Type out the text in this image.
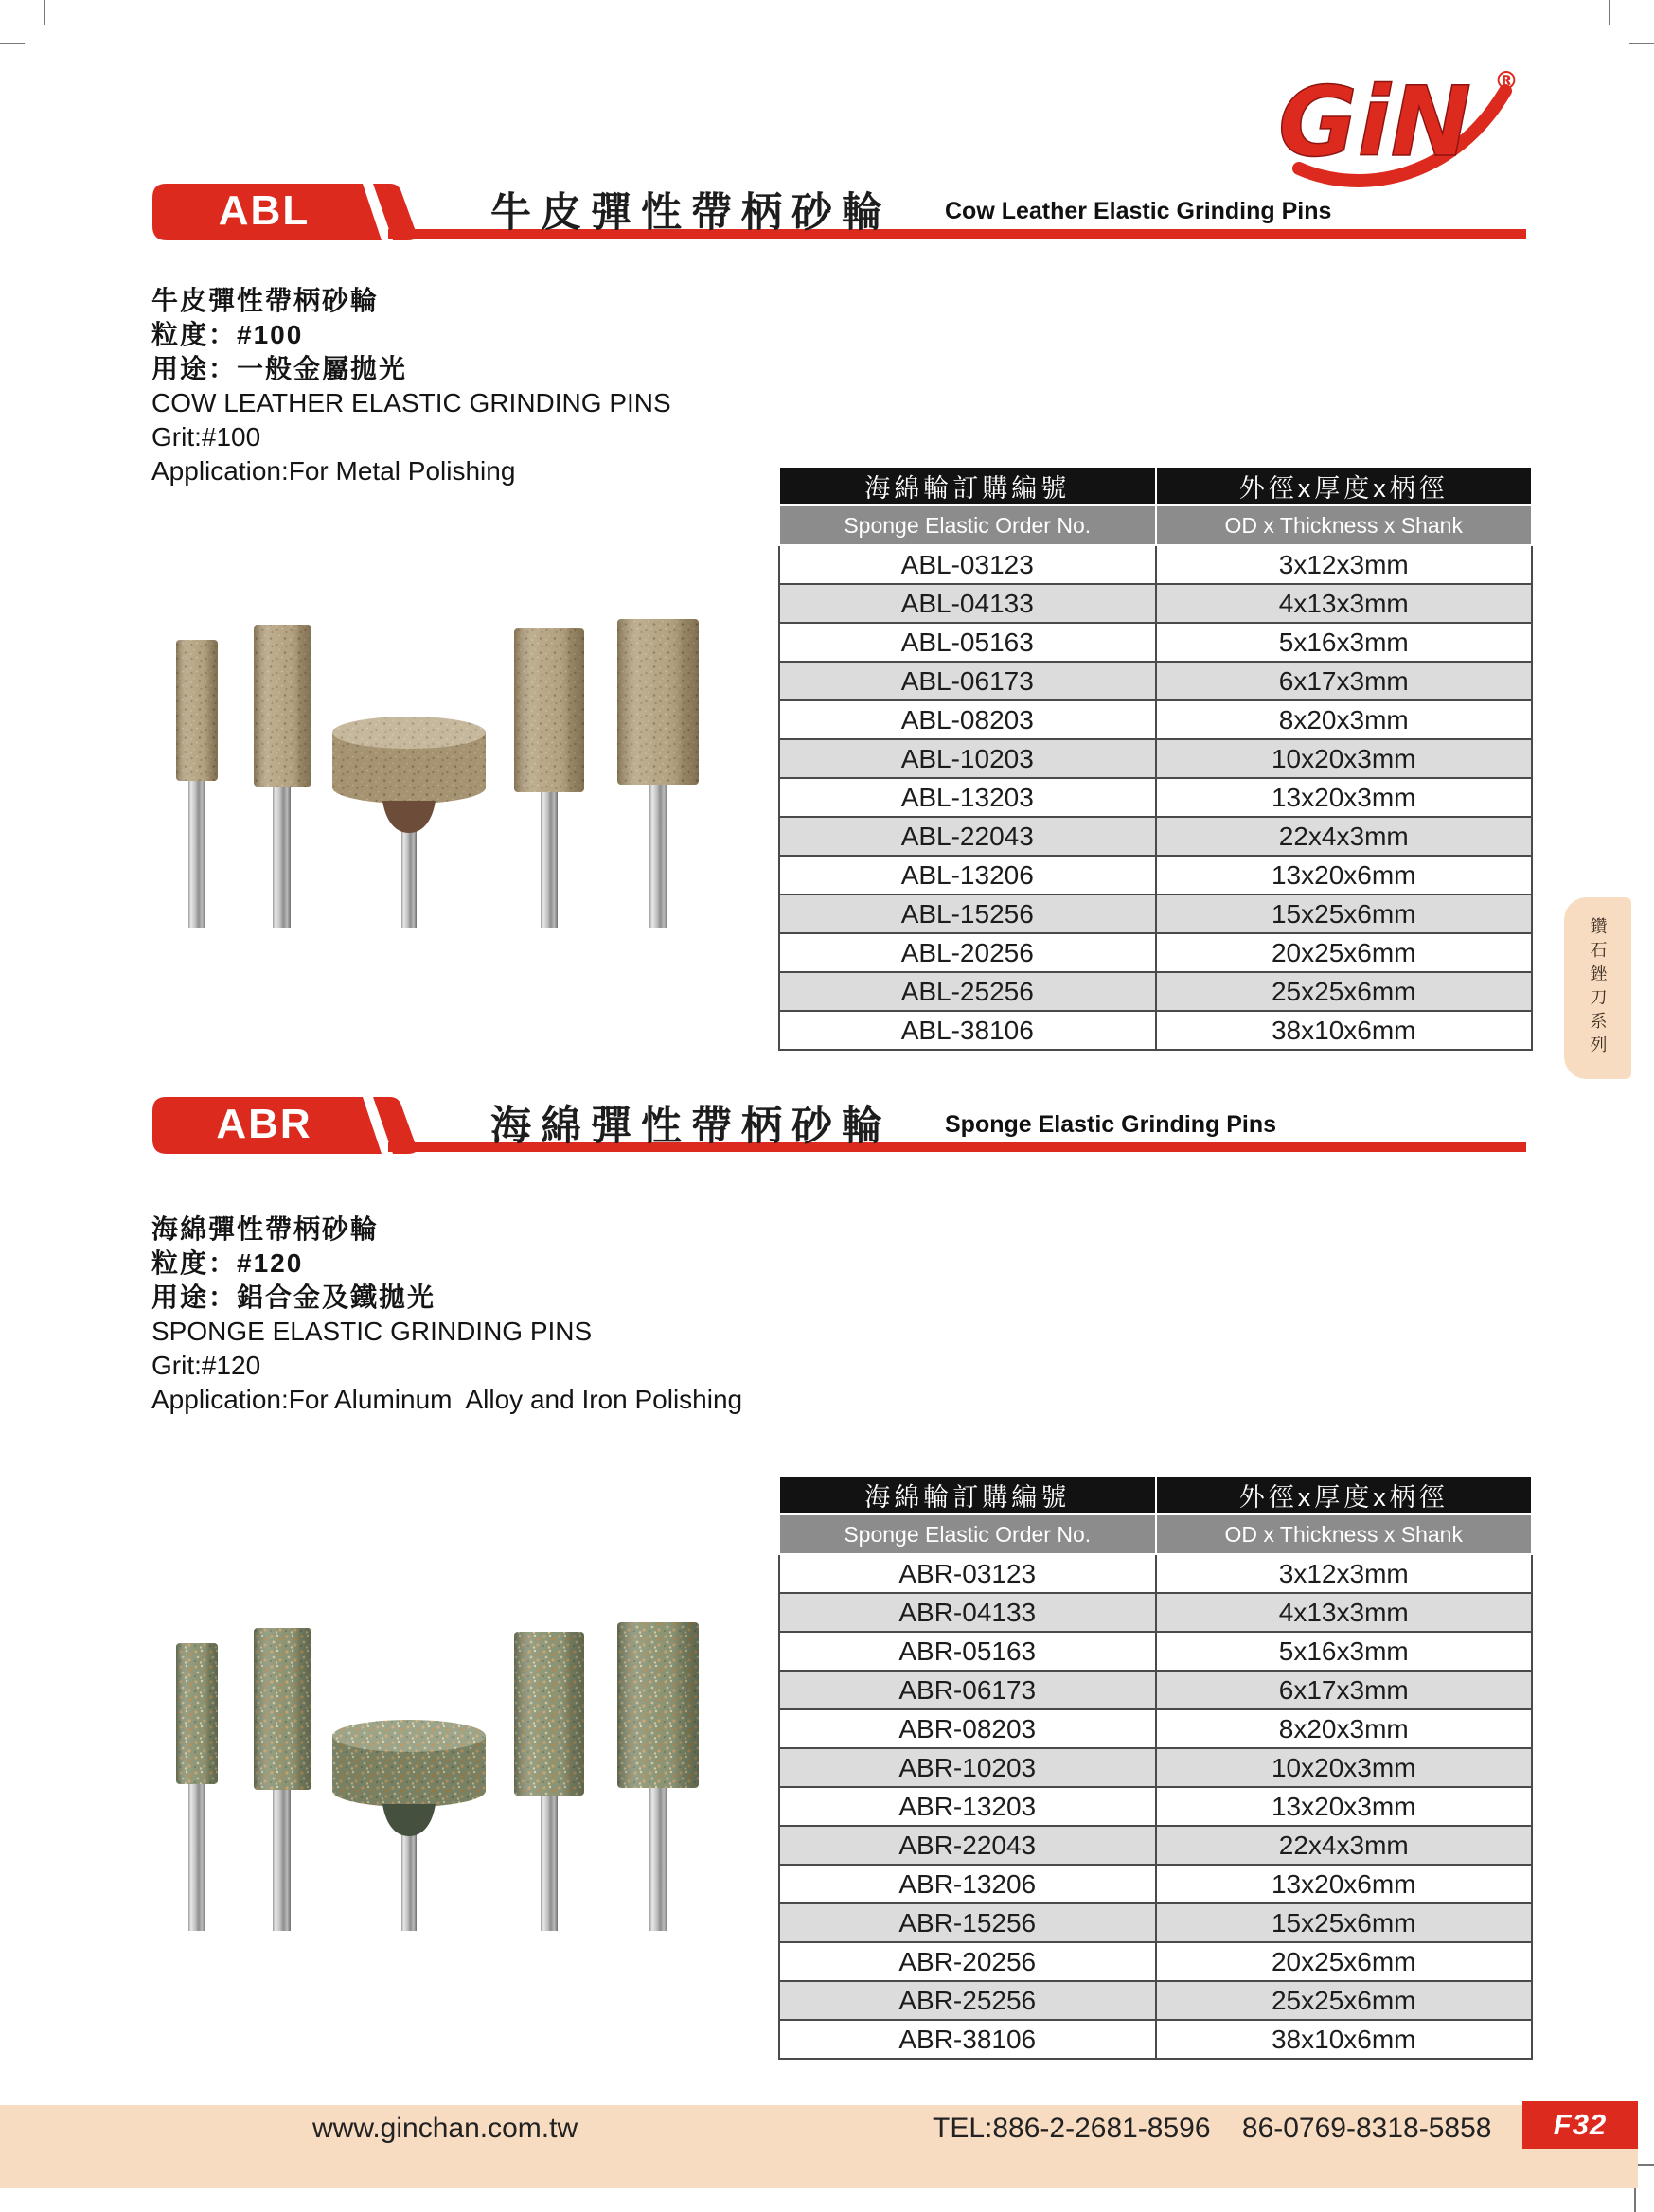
GiN ®
ABL	牛皮彈性帶柄砂輪 Cow Leather Elastic Grinding Pins
牛皮彈性帶柄砂輪
粒度：#100
用途：一般金屬拋光
COW LEATHER ELASTIC GRINDING PINS
Grit:#100
Application:For Metal Polishing
海綿輪訂購編號	外徑x厚度x柄徑
Sponge Elastic Order No.	OD x Thickness x Shank
ABL-03123	3x12x3mm
ABL-04133	4x13x3mm
ABL-05163	5x16x3mm
ABL-06173	6x17x3mm
ABL-08203	8x20x3mm
ABL-10203	10x20x3mm
ABL-13203	13x20x3mm
ABL-22043	22x4x3mm
ABL-13206	13x20x6mm
ABL-15256	15x25x6mm
ABL-20256	20x25x6mm
ABL-25256	25x25x6mm
ABL-38106	38x10x6mm
ABR	海綿彈性帶柄砂輪 Sponge Elastic Grinding Pins
海綿彈性帶柄砂輪
粒度：#120
用途：鋁合金及鐵拋光
SPONGE ELASTIC GRINDING PINS
Grit:#120
Application:For Aluminum  Alloy and Iron Polishing
海綿輪訂購編號	外徑x厚度x柄徑
Sponge Elastic Order No.	OD x Thickness x Shank
ABR-03123	3x12x3mm
ABR-04133	4x13x3mm
ABR-05163	5x16x3mm
ABR-06173	6x17x3mm
ABR-08203	8x20x3mm
ABR-10203	10x20x3mm
ABR-13203	13x20x3mm
ABR-22043	22x4x3mm
ABR-13206	13x20x6mm
ABR-15256	15x25x6mm
ABR-20256	20x25x6mm
ABR-25256	25x25x6mm
ABR-38106	38x10x6mm
鑽石銼刀系列
www.ginchan.com.tw	TEL:886-2-2681-8596    86-0769-8318-5858 F32
